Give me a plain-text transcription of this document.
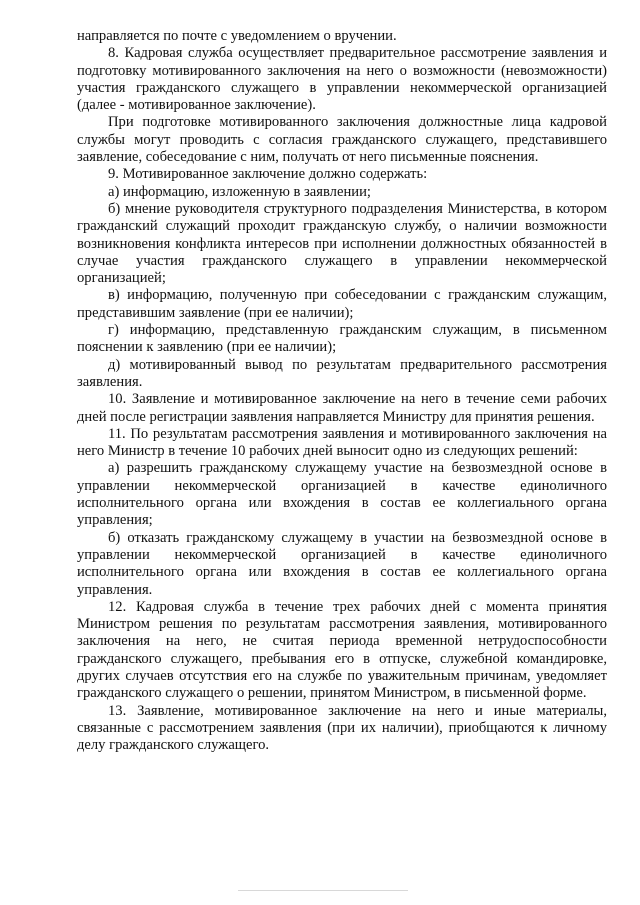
направляется по почте с уведомлением о вручении.

8. Кадровая служба осуществляет предварительное рассмотрение заявления и подготовку мотивированного заключения на него о возможности (невозможности) участия гражданского служащего в управлении некоммерческой организацией (далее - мотивированное заключение).

При подготовке мотивированного заключения должностные лица кадровой службы могут проводить с согласия гражданского служащего, представившего заявление, собеседование с ним, получать от него письменные пояснения.

9. Мотивированное заключение должно содержать:

а) информацию, изложенную в заявлении;

б) мнение руководителя структурного подразделения Министерства, в котором гражданский служащий проходит гражданскую службу, о наличии возможности возникновения конфликта интересов при исполнении должностных обязанностей в случае участия гражданского служащего в управлении некоммерческой организацией;

в) информацию, полученную при собеседовании с гражданским служащим, представившим заявление (при ее наличии);

г) информацию, представленную гражданским служащим, в письменном пояснении к заявлению (при ее наличии);

д) мотивированный вывод по результатам предварительного рассмотрения заявления.

10. Заявление и мотивированное заключение на него в течение семи рабочих дней после регистрации заявления направляется Министру для принятия решения.

11. По результатам рассмотрения заявления и мотивированного заключения на него Министр в течение 10 рабочих дней выносит одно из следующих решений:

а) разрешить гражданскому служащему участие на безвозмездной основе в управлении некоммерческой организацией в качестве единоличного исполнительного органа или вхождения в состав ее коллегиального органа управления;

б) отказать гражданскому служащему в участии на безвозмездной основе в управлении некоммерческой организацией в качестве единоличного исполнительного органа или вхождения в состав ее коллегиального органа управления.

12. Кадровая служба в течение трех рабочих дней с момента принятия Министром решения по результатам рассмотрения заявления, мотивированного заключения на него, не считая периода временной нетрудоспособности гражданского служащего, пребывания его в отпуске, служебной командировке, других случаев отсутствия его на службе по уважительным причинам, уведомляет гражданского служащего о решении, принятом Министром, в письменной форме.

13. Заявление, мотивированное заключение на него и иные материалы, связанные с рассмотрением заявления (при их наличии), приобщаются к личному делу гражданского служащего.
